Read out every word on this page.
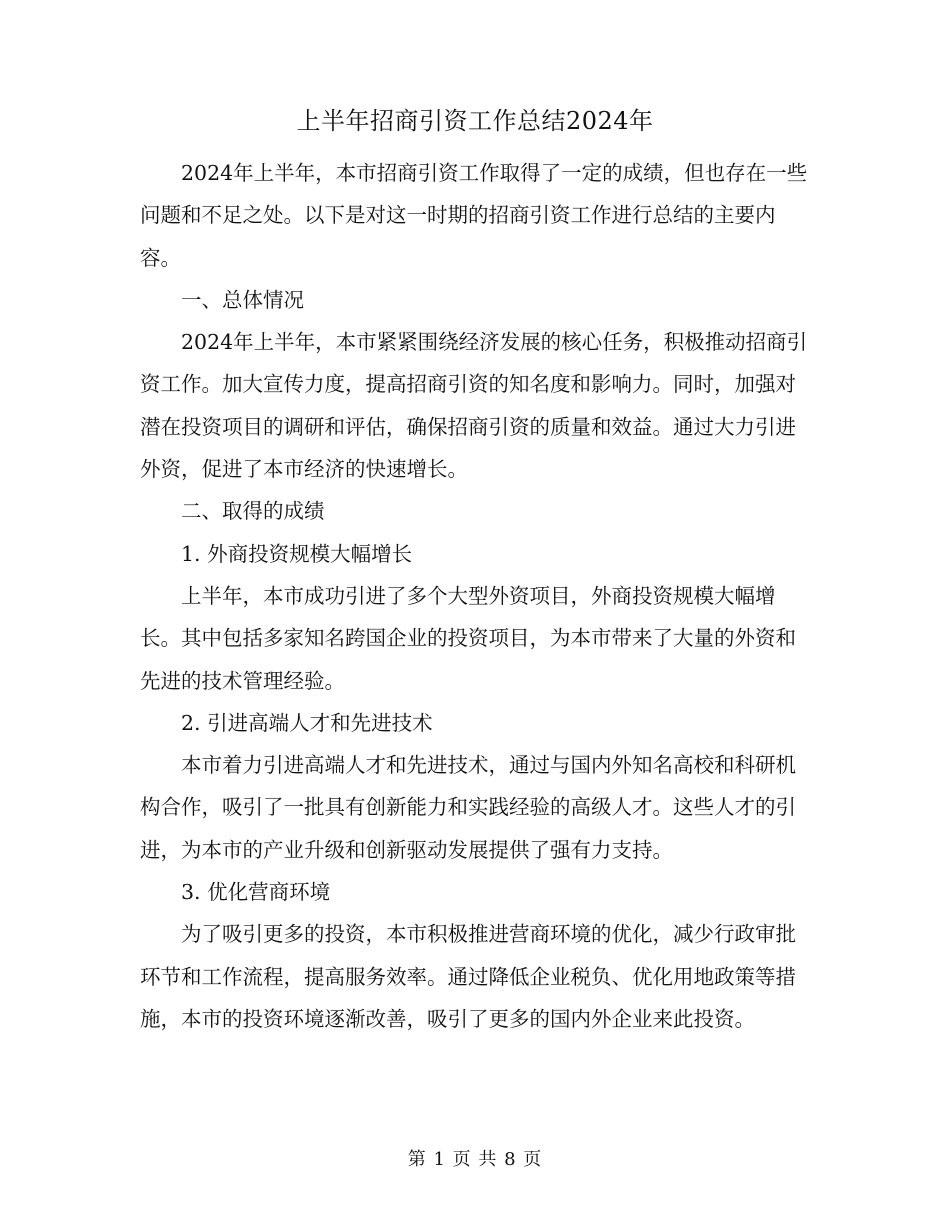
上半年招商引资工作总结2024年

2024年上半年，本市招商引资工作取得了一定的成绩，但也存在一些问题和不足之处。以下是对这一时期的招商引资工作进行总结的主要内容。

一、总体情况

2024年上半年，本市紧紧围绕经济发展的核心任务，积极推动招商引资工作。加大宣传力度，提高招商引资的知名度和影响力。同时，加强对潜在投资项目的调研和评估，确保招商引资的质量和效益。通过大力引进外资，促进了本市经济的快速增长。

二、取得的成绩

1. 外商投资规模大幅增长

上半年，本市成功引进了多个大型外资项目，外商投资规模大幅增长。其中包括多家知名跨国企业的投资项目，为本市带来了大量的外资和先进的技术管理经验。

2. 引进高端人才和先进技术

本市着力引进高端人才和先进技术，通过与国内外知名高校和科研机构合作，吸引了一批具有创新能力和实践经验的高级人才。这些人才的引进，为本市的产业升级和创新驱动发展提供了强有力支持。

3. 优化营商环境

为了吸引更多的投资，本市积极推进营商环境的优化，减少行政审批环节和工作流程，提高服务效率。通过降低企业税负、优化用地政策等措施，本市的投资环境逐渐改善，吸引了更多的国内外企业来此投资。

第 1 页 共 8 页
